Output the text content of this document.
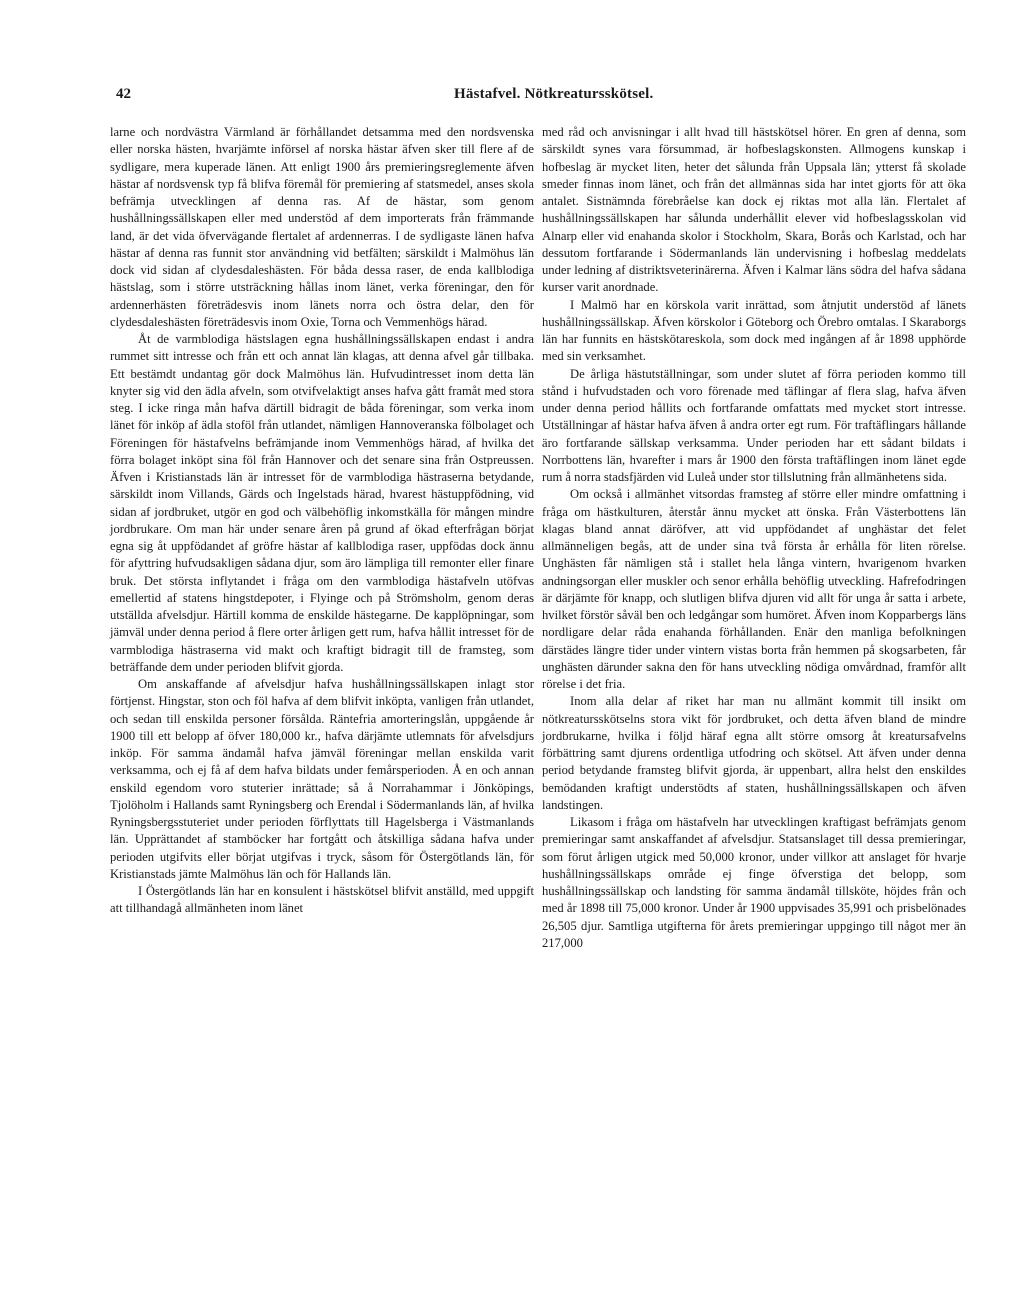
42	Hästafvel. Nötkreatursskötsel.

larne och nordvästra Värmland är förhållandet detsamma med den nordsvenska eller norska hästen, hvarjämte införsel af norska hästar äfven sker till flere af de sydligare, mera kuperade länen. Att enligt 1900 års premieringsreglemente äfven hästar af nordsvensk typ få blifva föremål för premiering af statsmedel, anses skola befrämja utvecklingen af denna ras. Af de hästar, som genom hushållningssällskapen eller med understöd af dem importerats från främmande land, är det vida öfvervägande flertalet af ardennerras. I de sydligaste länen hafva hästar af denna ras funnit stor användning vid betfälten; särskildt i Malmöhus län dock vid sidan af clydesdaleshästen. För båda dessa raser, de enda kallblodiga hästslag, som i större utsträckning hållas inom länet, verka föreningar, den för ardennerhästen företrädesvis inom länets norra och östra delar, den för clydesdaleshästen företrädesvis inom Oxie, Torna och Vemmenhögs härad.

Åt de varmblodiga hästslagen egna hushållningssällskapen endast i andra rummet sitt intresse och från ett och annat län klagas, att denna afvel går tillbaka. Ett bestämdt undantag gör dock Malmöhus län. Hufvudintresset inom detta län knyter sig vid den ädla afveln, som otvifvelaktigt anses hafva gått framåt med stora steg. I icke ringa mån hafva därtill bidragit de båda föreningar, som verka inom länet för inköp af ädla stoföl från utlandet, nämligen Hannoveranska fölbolaget och Föreningen för hästafvelns befrämjande inom Vemmenhögs härad, af hvilka det förra bolaget inköpt sina föl från Hannover och det senare sina från Ostpreussen. Äfven i Kristianstads län är intresset för de varmblodiga hästraserna betydande, särskildt inom Villands, Gärds och Ingelstads härad, hvarest hästuppfödning, vid sidan af jordbruket, utgör en god och välbehöflig inkomstkälla för mången mindre jordbrukare. Om man här under senare åren på grund af ökad efterfrågan börjat egna sig åt uppfödandet af gröfre hästar af kallblodiga raser, uppfödas dock ännu för afyttring hufvudsakligen sådana djur, som äro lämpliga till remonter eller finare bruk. Det största inflytandet i fråga om den varmblodiga hästafveln utöfvas emellertid af statens hingstdepoter, i Flyinge och på Strömsholm, genom deras utställda afvelsdjur. Härtill komma de enskilde hästegarne. De kapplöpningar, som jämväl under denna period å flere orter årligen gett rum, hafva hållit intresset för de varmblodiga hästraserna vid makt och kraftigt bidragit till de framsteg, som beträffande dem under perioden blifvit gjorda.

Om anskaffande af afvelsdjur hafva hushållningssällskapen inlagt stor förtjenst. Hingstar, ston och föl hafva af dem blifvit inköpta, vanligen från utlandet, och sedan till enskilda personer försålda. Räntefria amorteringslån, uppgående år 1900 till ett belopp af öfver 180,000 kr., hafva därjämte utlemnats för afvelsdjurs inköp. För samma ändamål hafva jämväl föreningar mellan enskilda varit verksamma, och ej få af dem hafva bildats under femårsperioden. Å en och annan enskild egendom voro stuterier inrättade; så å Norrahammar i Jönköpings, Tjolöholm i Hallands samt Ryningsberg och Erendal i Södermanlands län, af hvilka Ryningsbergsstuteriet under perioden förflyttats till Hagelsberga i Västmanlands län. Upprättandet af stamböcker har fortgått och åtskilliga sådana hafva under perioden utgifvits eller börjat utgifvas i tryck, såsom för Östergötlands län, för Kristianstads jämte Malmöhus län och för Hallands län.

I Östergötlands län har en konsulent i hästskötsel blifvit anställd, med uppgift att tillhandagå allmänheten inom länet

med råd och anvisningar i allt hvad till hästskötsel hörer. En gren af denna, som särskildt synes vara försummad, är hofbeslagskonsten. Allmogens kunskap i hofbeslag är mycket liten, heter det sålunda från Uppsala län; ytterst få skolade smeder finnas inom länet, och från det allmännas sida har intet gjorts för att öka antalet. Sistnämnda förebråelse kan dock ej riktas mot alla län. Flertalet af hushållningssällskapen har sålunda underhållit elever vid hofbeslagsskolan vid Alnarp eller vid enahanda skolor i Stockholm, Skara, Borås och Karlstad, och har dessutom fortfarande i Södermanlands län undervisning i hofbeslag meddelats under ledning af distriktsveterinärerna. Äfven i Kalmar läns södra del hafva sådana kurser varit anordnade.

I Malmö har en körskola varit inrättad, som åtnjutit understöd af länets hushållningssällskap. Äfven körskolor i Göteborg och Örebro omtalas. I Skaraborgs län har funnits en hästskötareskola, som dock med ingången af år 1898 upphörde med sin verksamhet.

De årliga hästutställningar, som under slutet af förra perioden kommo till stånd i hufvudstaden och voro förenade med täflingar af flera slag, hafva äfven under denna period hållits och fortfarande omfattats med mycket stort intresse. Utställningar af hästar hafva äfven å andra orter egt rum. För traftäflingars hållande äro fortfarande sällskap verksamma. Under perioden har ett sådant bildats i Norrbottens län, hvarefter i mars år 1900 den första traftäflingen inom länet egde rum å norra stadsfjärden vid Luleå under stor tillslutning från allmänhetens sida.

Om också i allmänhet vitsordas framsteg af större eller mindre omfattning i fråga om hästkulturen, återstår ännu mycket att önska. Från Västerbottens län klagas bland annat däröfver, att vid uppfödandet af unghästar det felet allmänneligen begås, att de under sina två första år erhålla för liten rörelse. Unghästen får nämligen stå i stallet hela långa vintern, hvarigenom hvarken andningsorgan eller muskler och senor erhålla behöflig utveckling. Hafrefodringen är därjämte för knapp, och slutligen blifva djuren vid allt för unga år satta i arbete, hvilket förstör såväl ben och ledgångar som humöret. Äfven inom Kopparbergs läns nordligare delar råda enahanda förhållanden. Enär den manliga befolkningen därstädes längre tider under vintern vistas borta från hemmen på skogsarbeten, får unghästen därunder sakna den för hans utveckling nödiga omvårdnad, framför allt rörelse i det fria.

Inom alla delar af riket har man nu allmänt kommit till insikt om nötkreatursskötselns stora vikt för jordbruket, och detta äfven bland de mindre jordbrukarne, hvilka i följd häraf egna allt större omsorg åt kreatursafvelns förbättring samt djurens ordentliga utfodring och skötsel. Att äfven under denna period betydande framsteg blifvit gjorda, är uppenbart, allra helst den enskildes bemödanden kraftigt understödts af staten, hushållningssällskapen och äfven landstingen.

Likasom i fråga om hästafveln har utvecklingen kraftigast befrämjats genom premieringar samt anskaffandet af afvelsdjur. Statsanslaget till dessa premieringar, som förut årligen utgick med 50,000 kronor, under villkor att anslaget för hvarje hushållningssällskaps område ej finge öfverstiga det belopp, som hushållningssällskap och landsting för samma ändamål tillsköte, höjdes från och med år 1898 till 75,000 kronor. Under år 1900 uppvisades 35,991 och prisbelönades 26,505 djur. Samtliga utgifterna för årets premieringar uppgingo till något mer än 217,000
